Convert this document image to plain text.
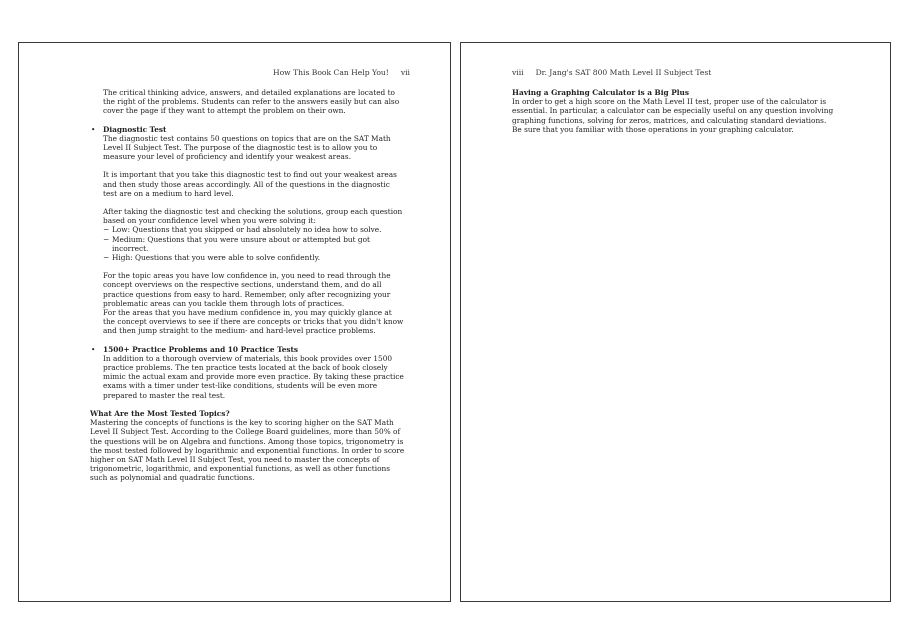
How This Book Can Help You! vii

The critical thinking advice, answers, and detailed explanations are located to the right of the problems. Students can refer to the answers easily but can also cover the page if they want to attempt the problem on their own.

• Diagnostic Test

The diagnostic test contains 50 questions on topics that are on the SAT Math Level II Subject Test. The purpose of the diagnostic test is to allow you to measure your level of proficiency and identify your weakest areas.

It is important that you take this diagnostic test to find out your weakest areas and then study those areas accordingly. All of the questions in the diagnostic test are on a medium to hard level.

After taking the diagnostic test and checking the solutions, group each question based on your confidence level when you were solving it:

− Low: Questions that you skipped or had absolutely no idea how to solve.
− Medium: Questions that you were unsure about or attempted but got incorrect.
− High: Questions that you were able to solve confidently.

For the topic areas you have low confidence in, you need to read through the concept overviews on the respective sections, understand them, and do all practice questions from easy to hard. Remember, only after recognizing your problematic areas can you tackle them through lots of practices.

For the areas that you have medium confidence in, you may quickly glance at the concept overviews to see if there are concepts or tricks that you didn't know and then jump straight to the medium- and hard-level practice problems.

• 1500+ Practice Problems and 10 Practice Tests

In addition to a thorough overview of materials, this book provides over 1500 practice problems. The ten practice tests located at the back of book closely mimic the actual exam and provide more even practice. By taking these practice exams with a timer under test-like conditions, students will be even more prepared to master the real test.

What Are the Most Tested Topics?

Mastering the concepts of functions is the key to scoring higher on the SAT Math Level II Subject Test. According to the College Board guidelines, more than 50% of the questions will be on Algebra and functions. Among those topics, trigonometry is the most tested followed by logarithmic and exponential functions. In order to score higher on SAT Math Level II Subject Test, you need to master the concepts of trigonometric, logarithmic, and exponential functions, as well as other functions such as polynomial and quadratic functions.

viii Dr. Jang's SAT 800 Math Level II Subject Test
Having a Graphing Calculator is a Big Plus

In order to get a high score on the Math Level II test, proper use of the calculator is essential. In particular, a calculator can be especially useful on any question involving graphing functions, solving for zeros, matrices, and calculating standard deviations. Be sure that you familiar with those operations in your graphing calculator.
